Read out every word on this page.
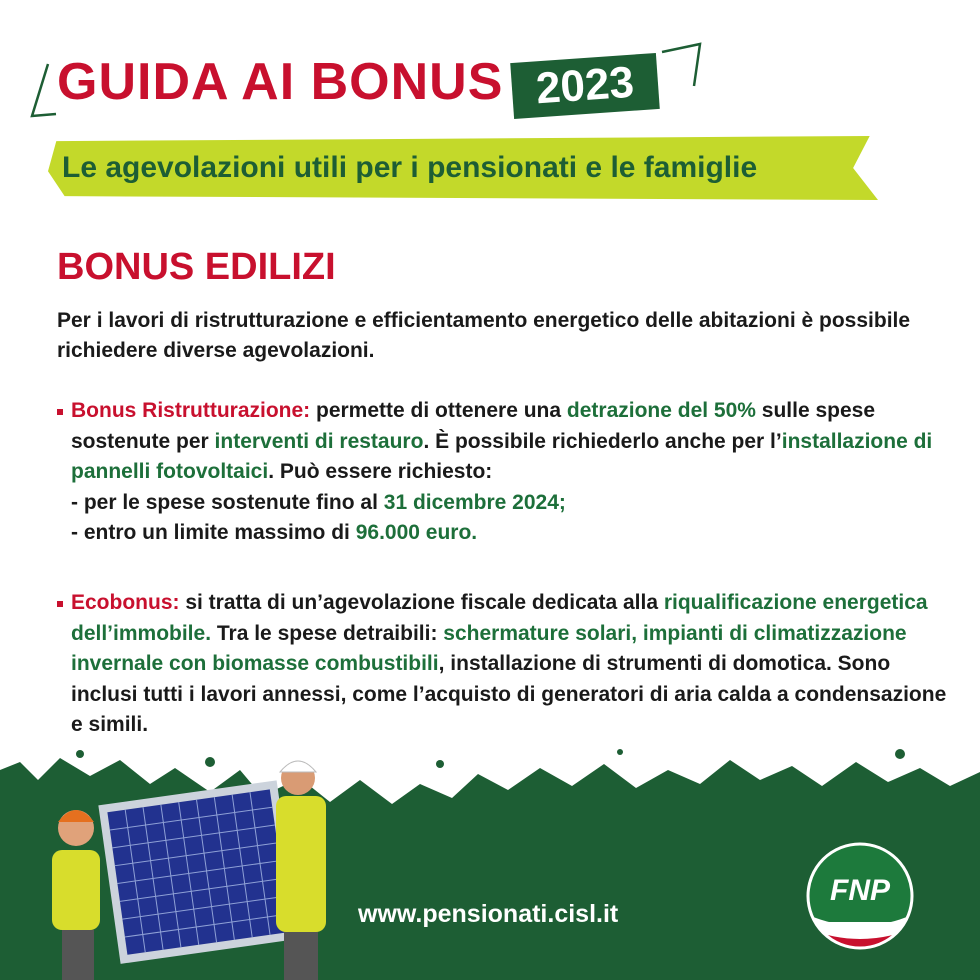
GUIDA AI BONUS 2023
Le agevolazioni utili per i pensionati e le famiglie
BONUS EDILIZI

Per i lavori di ristrutturazione e efficientamento energetico delle abitazioni è possibile richiedere diverse agevolazioni.

Bonus Ristrutturazione: permette di ottenere una detrazione del 50% sulle spese sostenute per interventi di restauro. È possibile richiederlo anche per l’installazione di pannelli fotovoltaici. Può essere richiesto:
- per le spese sostenute fino al 31 dicembre 2024;
- entro un limite massimo di 96.000 euro.
Ecobonus: si tratta di un’agevolazione fiscale dedicata alla riqualificazione energetica dell’immobile. Tra le spese detraibili: schermature solari, impianti di climatizzazione invernale con biomasse combustibili, installazione di strumenti di domotica. Sono inclusi tutti i lavori annessi, come l’acquisto di generatori di aria calda a condensazione e simili.
www.pensionati.cisl.it
FNP
